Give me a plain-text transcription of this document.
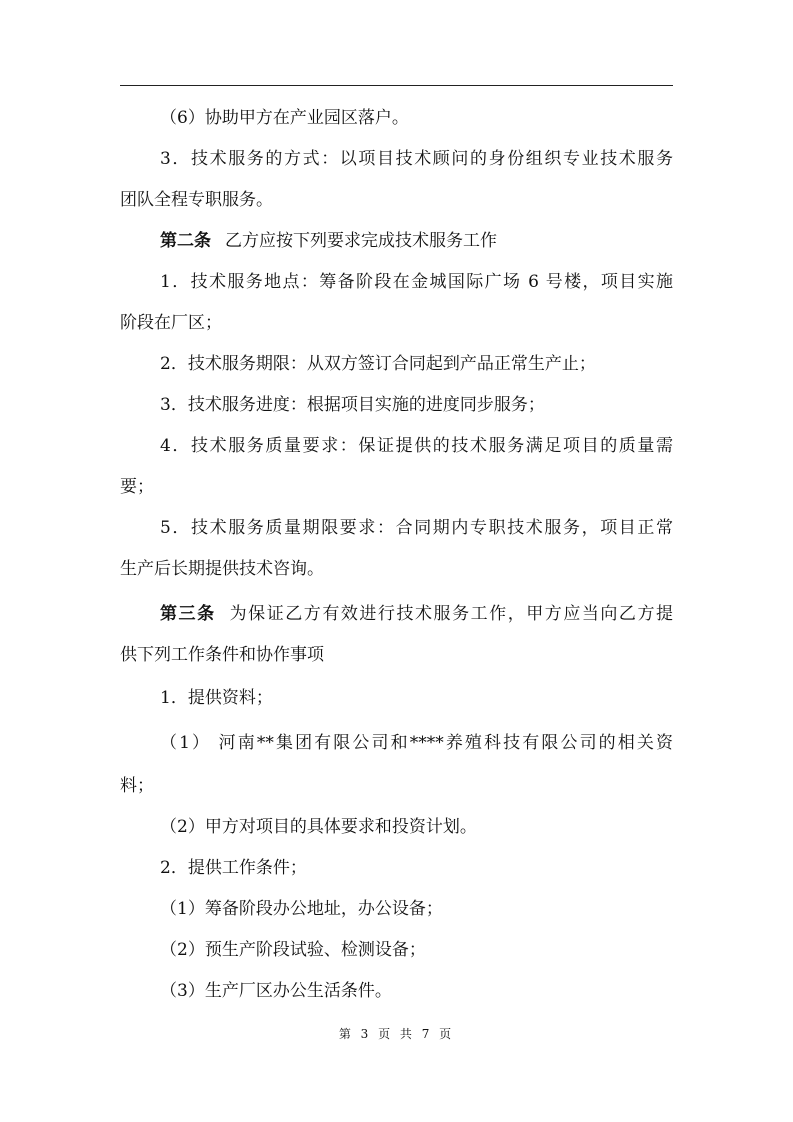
（6）协助甲方在产业园区落户。
3．技术服务的方式：以项目技术顾问的身份组织专业技术服务
团队全程专职服务。
第二条 乙方应按下列要求完成技术服务工作
1．技术服务地点：筹备阶段在金城国际广场 6 号楼，项目实施
阶段在厂区；
2．技术服务期限：从双方签订合同起到产品正常生产止；
3．技术服务进度：根据项目实施的进度同步服务；
4．技术服务质量要求：保证提供的技术服务满足项目的质量需
要；
5．技术服务质量期限要求：合同期内专职技术服务，项目正常
生产后长期提供技术咨询。
第三条 为保证乙方有效进行技术服务工作，甲方应当向乙方提
供下列工作条件和协作事项
1．提供资料；
（1） 河南**集团有限公司和****养殖科技有限公司的相关资
料；
（2）甲方对项目的具体要求和投资计划。
2．提供工作条件；
（1）筹备阶段办公地址，办公设备；
（2）预生产阶段试验、检测设备；
（3）生产厂区办公生活条件。
第 3 页 共 7 页
